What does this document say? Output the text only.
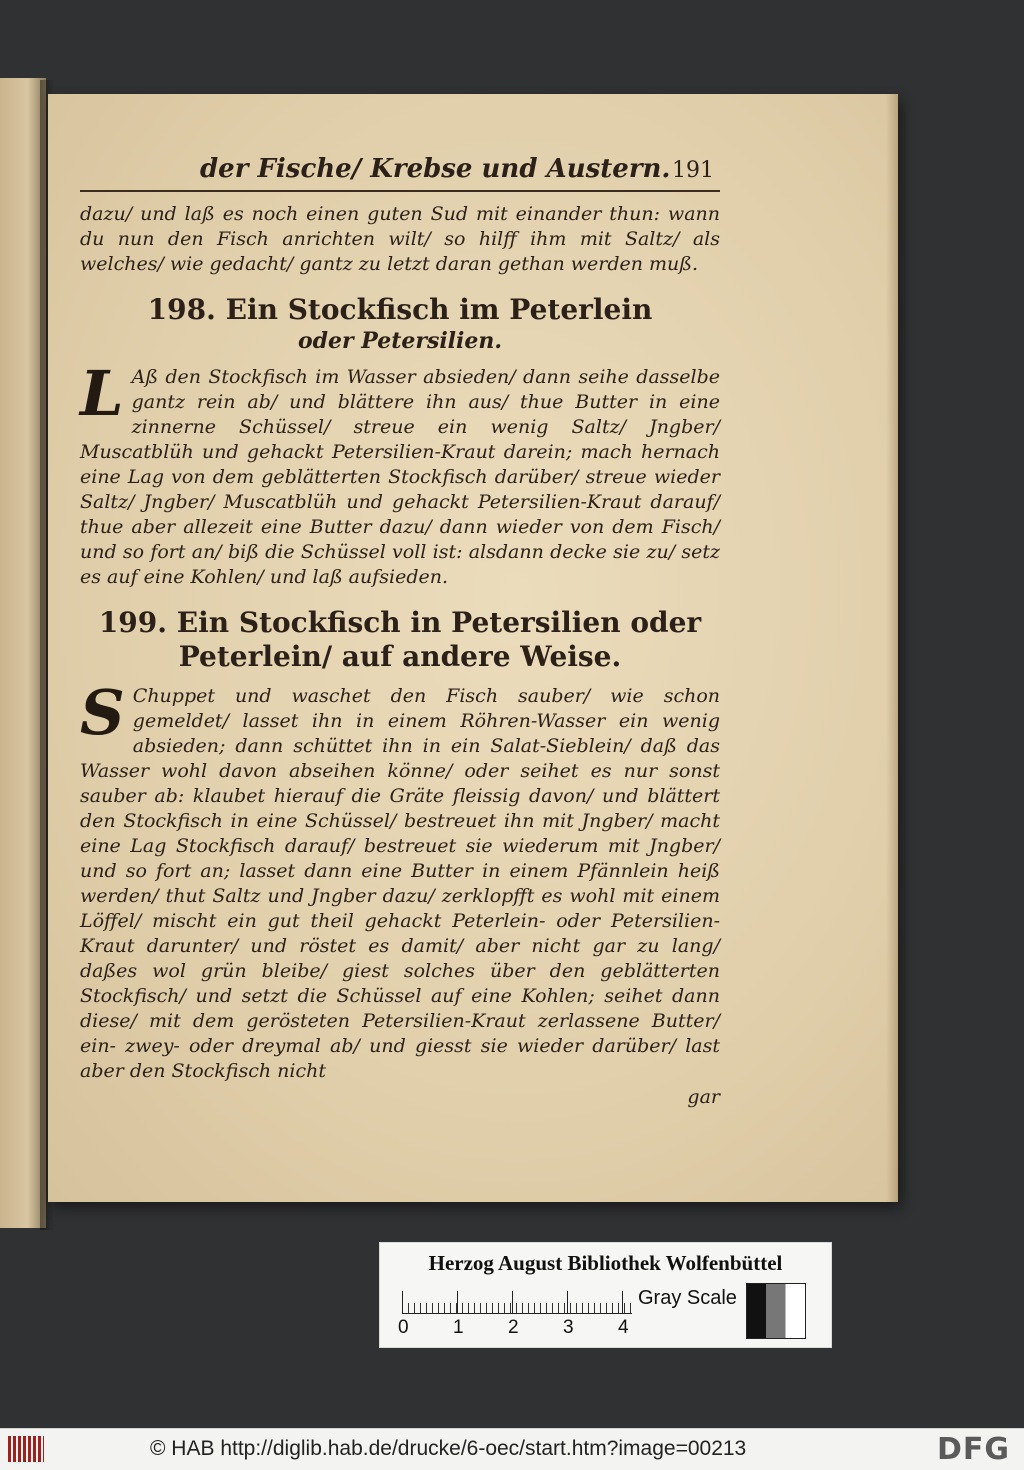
der Fische/ Krebse und Austern. 191

dazu/ und laß es noch einen guten Sud mit einander thun: wann du nun den Fisch anrichten wilt/ so hilff ihm mit Saltz/ als welches/ wie gedacht/ gantz zu letzt daran gethan werden muß.

198. Ein Stockfisch im Peterlein
oder Petersilien.

L Aß den Stockfisch im Wasser absieden/ dann seihe dasselbe gantz rein ab/ und blättere ihn aus/ thue Butter in eine zinnerne Schüssel/ streue ein wenig Saltz/ Jngber/ Muscatblüh und gehackt Petersilien-Kraut darein; mach hernach eine Lag von dem geblätterten Stockfisch darüber/ streue wieder Saltz/ Jngber/ Muscatblüh und gehackt Petersilien-Kraut darauf/ thue aber allezeit eine Butter dazu/ dann wieder von dem Fisch/ und so fort an/ biß die Schüssel voll ist: alsdann decke sie zu/ setz es auf eine Kohlen/ und laß aufsieden.

199. Ein Stockfisch in Petersilien oder Peterlein/ auf andere Weise.

S Chuppet und waschet den Fisch sauber/ wie schon gemeldet/ lasset ihn in einem Röhren-Wasser ein wenig absieden; dann schüttet ihn in ein Salat-Sieblein/ daß das Wasser wohl davon abseihen könne/ oder seihet es nur sonst sauber ab: klaubet hierauf die Gräte fleissig davon/ und blättert den Stockfisch in eine Schüssel/ bestreuet ihn mit Jngber/ macht eine Lag Stockfisch darauf/ bestreuet sie wiederum mit Jngber/ und so fort an; lasset dann eine Butter in einem Pfännlein heiß werden/ thut Saltz und Jngber dazu/ zerklopfft es wohl mit einem Löffel/ mischt ein gut theil gehackt Peterlein- oder Petersilien-Kraut darunter/ und röstet es damit/ aber nicht gar zu lang/ daßes wol grün bleibe/ giest solches über den geblätterten Stockfisch/ und setzt die Schüssel auf eine Kohlen; seihet dann diese/ mit dem gerösteten Petersilien-Kraut zerlassene Butter/ ein- zwey- oder dreymal ab/ und giesst sie wieder darüber/ last aber den Stockfisch nicht

gar
Herzog August Bibliothek Wolfenbüttel
0 1 2 3 4
Gray Scale
© HAB http://diglib.hab.de/drucke/6-oec/start.htm?image=00213	DFG
